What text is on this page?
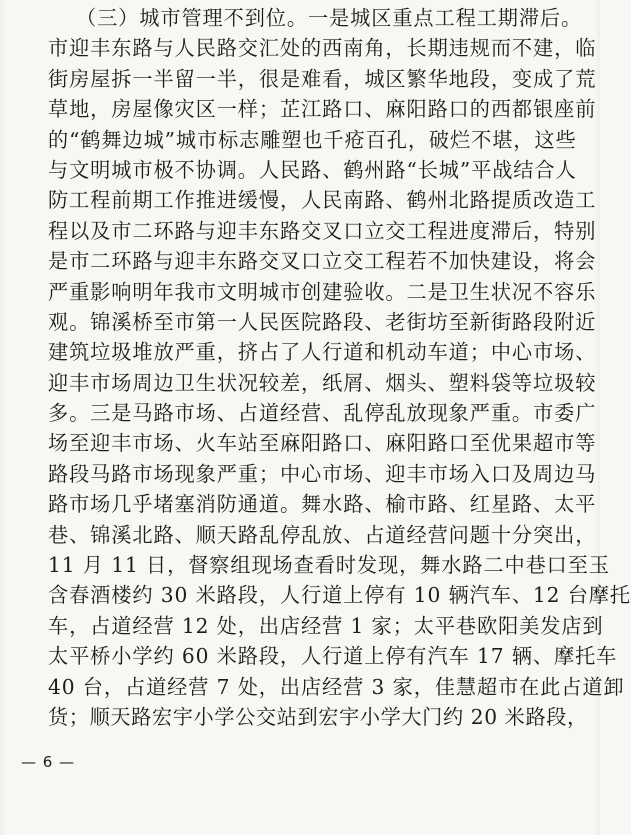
（三）城市管理不到位。一是城区重点工程工期滞后。
市迎丰东路与人民路交汇处的西南角，长期违规而不建，临
街房屋拆一半留一半，很是难看，城区繁华地段，变成了荒
草地，房屋像灾区一样；芷江路口、麻阳路口的西都银座前
的“鹤舞边城”城市标志雕塑也千疮百孔，破烂不堪，这些
与文明城市极不协调。人民路、鹤州路“长城”平战结合人
防工程前期工作推进缓慢，人民南路、鹤州北路提质改造工
程以及市二环路与迎丰东路交叉口立交工程进度滞后，特别
是市二环路与迎丰东路交叉口立交工程若不加快建设，将会
严重影响明年我市文明城市创建验收。二是卫生状况不容乐
观。锦溪桥至市第一人民医院路段、老街坊至新街路段附近
建筑垃圾堆放严重，挤占了人行道和机动车道；中心市场、
迎丰市场周边卫生状况较差，纸屑、烟头、塑料袋等垃圾较
多。三是马路市场、占道经营、乱停乱放现象严重。市委广
场至迎丰市场、火车站至麻阳路口、麻阳路口至优果超市等
路段马路市场现象严重；中心市场、迎丰市场入口及周边马
路市场几乎堵塞消防通道。舞水路、榆市路、红星路、太平
巷、锦溪北路、顺天路乱停乱放、占道经营问题十分突出，
11 月 11 日，督察组现场查看时发现，舞水路二中巷口至玉
含春酒楼约 30 米路段，人行道上停有 10 辆汽车、12 台摩托
车，占道经营 12 处，出店经营 1 家；太平巷欧阳美发店到
太平桥小学约 60 米路段，人行道上停有汽车 17 辆、摩托车
40 台，占道经营 7 处，出店经营 3 家，佳慧超市在此占道卸
货；顺天路宏宇小学公交站到宏宇小学大门约 20 米路段，
— 6 —
